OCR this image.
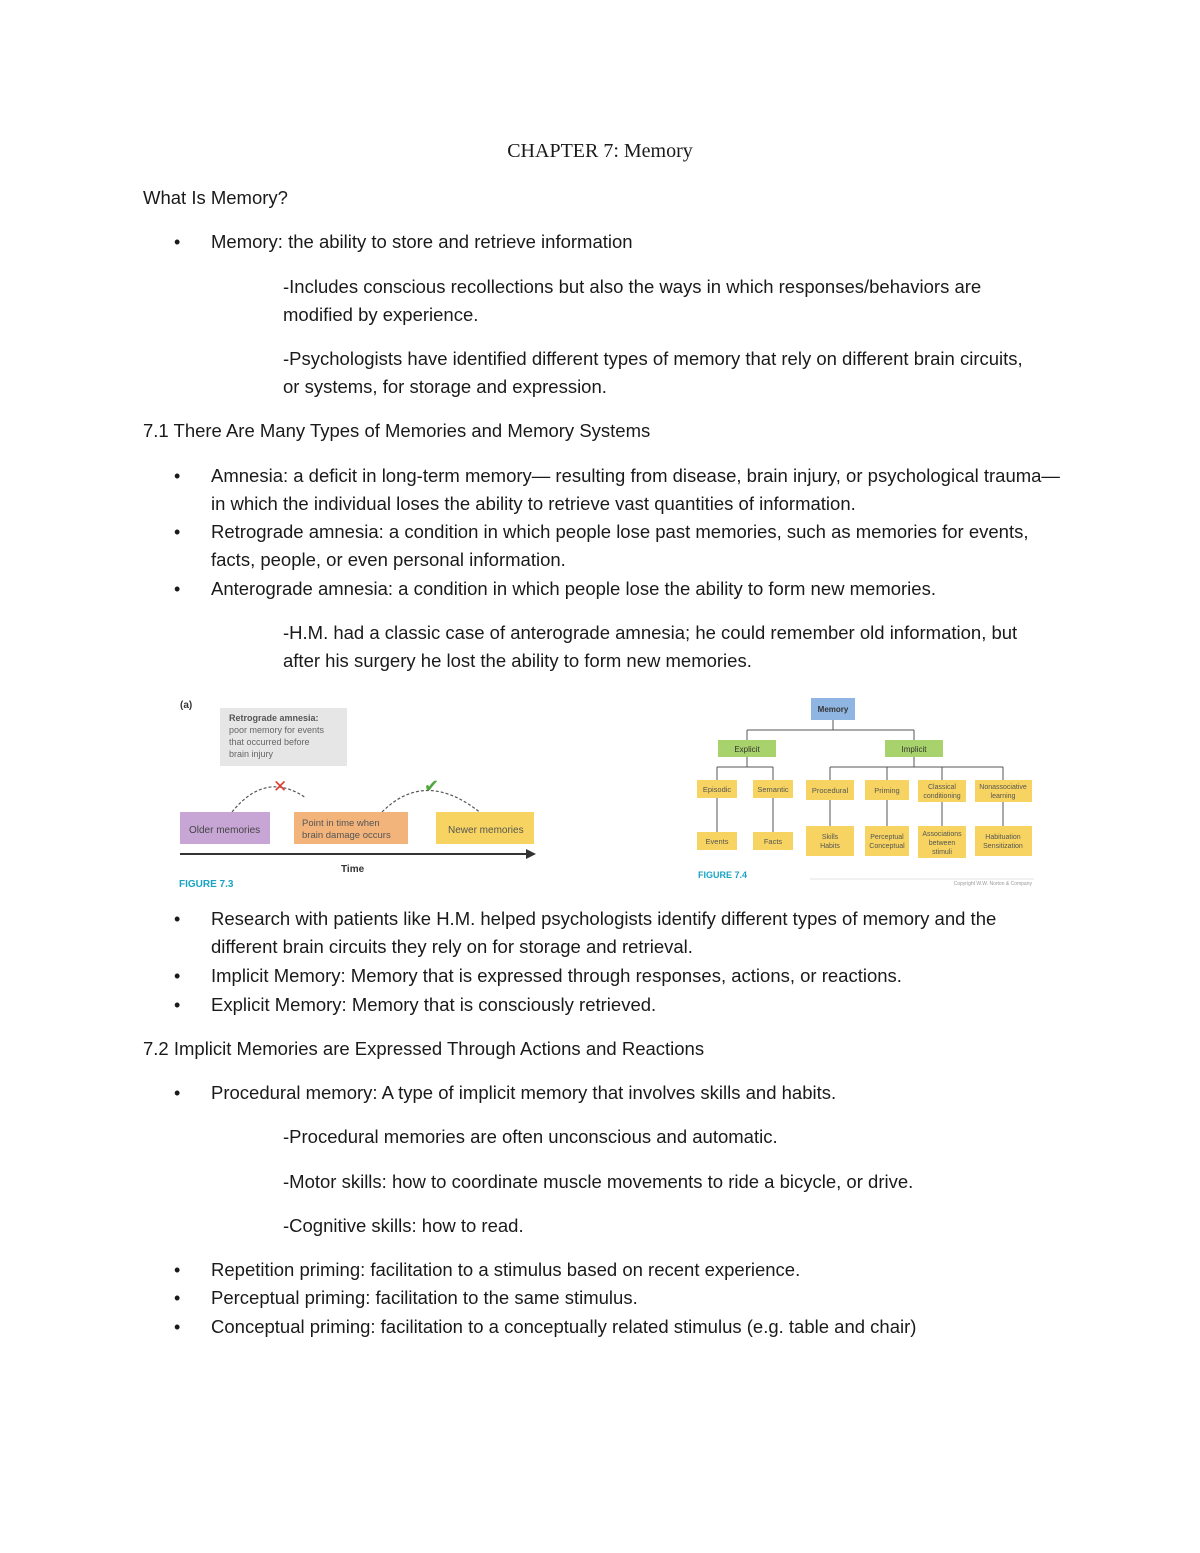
CHAPTER 7: Memory
What Is Memory?
• Memory: the ability to store and retrieve information
-Includes conscious recollections but also the ways in which responses/behaviors are modified by experience.
-Psychologists have identified different types of memory that rely on different brain circuits, or systems, for storage and expression.
7.1 There Are Many Types of Memories and Memory Systems
• Amnesia: a deficit in long-term memory— resulting from disease, brain injury, or psychological trauma—in which the individual loses the ability to retrieve vast quantities of information.
• Retrograde amnesia: a condition in which people lose past memories, such as memories for events, facts, people, or even personal information.
• Anterograde amnesia: a condition in which people lose the ability to form new memories.
-H.M. had a classic case of anterograde amnesia; he could remember old information, but after his surgery he lost the ability to form new memories.
(a)
Retrograde amnesia:
poor memory for events
that occurred before
brain injury
✕	✔
Older memories
Point in time when
brain damage occurs	Newer memories
Time
FIGURE 7.3
Memory
Explicit	Implicit
Episodic	Semantic	Procedural	Priming	Classical
conditioning
Nonassociative
learning
Events	Facts	Skills
Habits
Perceptual
Conceptual
Associations
between
stimuli
Habituation
Sensitization
FIGURE 7.4
Copyright W.W. Norton & Company
• Research with patients like H.M. helped psychologists identify different types of memory and the different brain circuits they rely on for storage and retrieval.
• Implicit Memory: Memory that is expressed through responses, actions, or reactions.
• Explicit Memory: Memory that is consciously retrieved.
7.2 Implicit Memories are Expressed Through Actions and Reactions
• Procedural memory: A type of implicit memory that involves skills and habits.
-Procedural memories are often unconscious and automatic.
-Motor skills: how to coordinate muscle movements to ride a bicycle, or drive.
-Cognitive skills: how to read.
• Repetition priming: facilitation to a stimulus based on recent experience.
• Perceptual priming: facilitation to the same stimulus.
• Conceptual priming: facilitation to a conceptually related stimulus (e.g. table and chair)
